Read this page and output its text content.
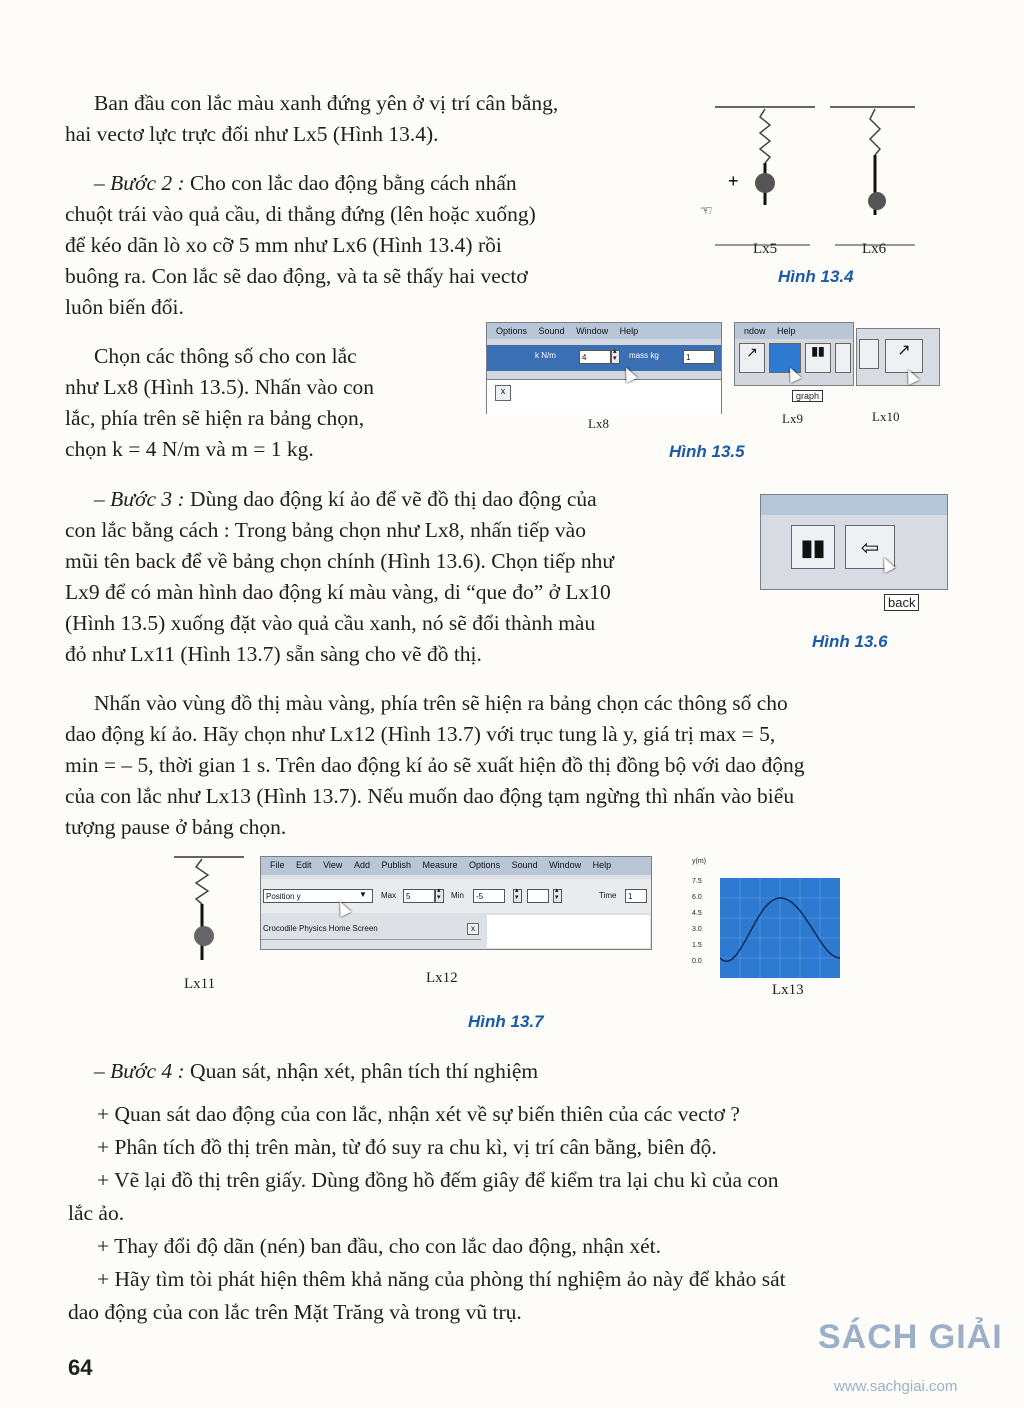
Ban đầu con lắc màu xanh đứng yên ở vị trí cân bằng,
hai vectơ lực trực đối như Lx5 (Hình 13.4).
– Bước 2 : Cho con lắc dao động bằng cách nhấn
chuột trái vào quả cầu, di thẳng đứng (lên hoặc xuống)
để kéo dãn lò xo cỡ 5 mm như Lx6 (Hình 13.4) rồi
buông ra. Con lắc sẽ dao động, và ta sẽ thấy hai vectơ
luôn biến đổi.
Chọn các thông số cho con lắc
như Lx8 (Hình 13.5). Nhấn vào con
lắc, phía trên sẽ hiện ra bảng chọn,
chọn k = 4 N/m và m = 1 kg.
– Bước 3 : Dùng dao động kí ảo để vẽ đồ thị dao động của
con lắc bằng cách : Trong bảng chọn như Lx8, nhấn tiếp vào
mũi tên back để về bảng chọn chính (Hình 13.6). Chọn tiếp như
Lx9 để có màn hình dao động kí màu vàng, di “que đo” ở Lx10
(Hình 13.5) xuống đặt vào quả cầu xanh, nó sẽ đổi thành màu
đỏ như Lx11 (Hình 13.7) sẵn sàng cho vẽ đồ thị.
Nhấn vào vùng đồ thị màu vàng, phía trên sẽ hiện ra bảng chọn các thông số cho
dao động kí ảo. Hãy chọn như Lx12 (Hình 13.7) với trục tung là y, giá trị max = 5,
min = – 5, thời gian 1 s. Trên dao động kí ảo sẽ xuất hiện đồ thị đồng bộ với dao động
của con lắc như Lx13 (Hình 13.7). Nếu muốn dao động tạm ngừng thì nhấn vào biểu
tượng pause ở bảng chọn.
– Bước 4 : Quan sát, nhận xét, phân tích thí nghiệm
+ Quan sát dao động của con lắc, nhận xét về sự biến thiên của các vectơ ?
+ Phân tích đồ thị trên màn, từ đó suy ra chu kì, vị trí cân bằng, biên độ.
+ Vẽ lại đồ thị trên giấy. Dùng đồng hồ đếm giây để kiểm tra lại chu kì của con
lắc ảo.
+ Thay đổi độ dãn (nén) ban đầu, cho con lắc dao động, nhận xét.
+ Hãy tìm tòi phát hiện thêm khả năng của phòng thí nghiệm ảo này để khảo sát
dao động của con lắc trên Mặt Trăng và trong vũ trụ.
+
☜
Lx5	Lx6
Hình 13.4
Options Sound Window Help
k N/m	4 ▴ ▾	mass kg	1
x
ndow Help
↗	▮▮
graph
↗
Lx8	Lx9	Lx10
Hình 13.5
▮▮	⇦
back
Hình 13.6
Lx11
File Edit View Add Publish Measure Options Sound Window Help
Position y	▼ Max	5 ▴ ▾	Min	-5 ▴ ▾ ▴ ▾	Time	1
Crocodile Physics Home Screen	x
Lx12
y(m)
7.5
6.0
4.5
3.0
1.5
0.0
Lx13
Hình 13.7
64
SÁCH GIẢI
www.sachgiai.com
